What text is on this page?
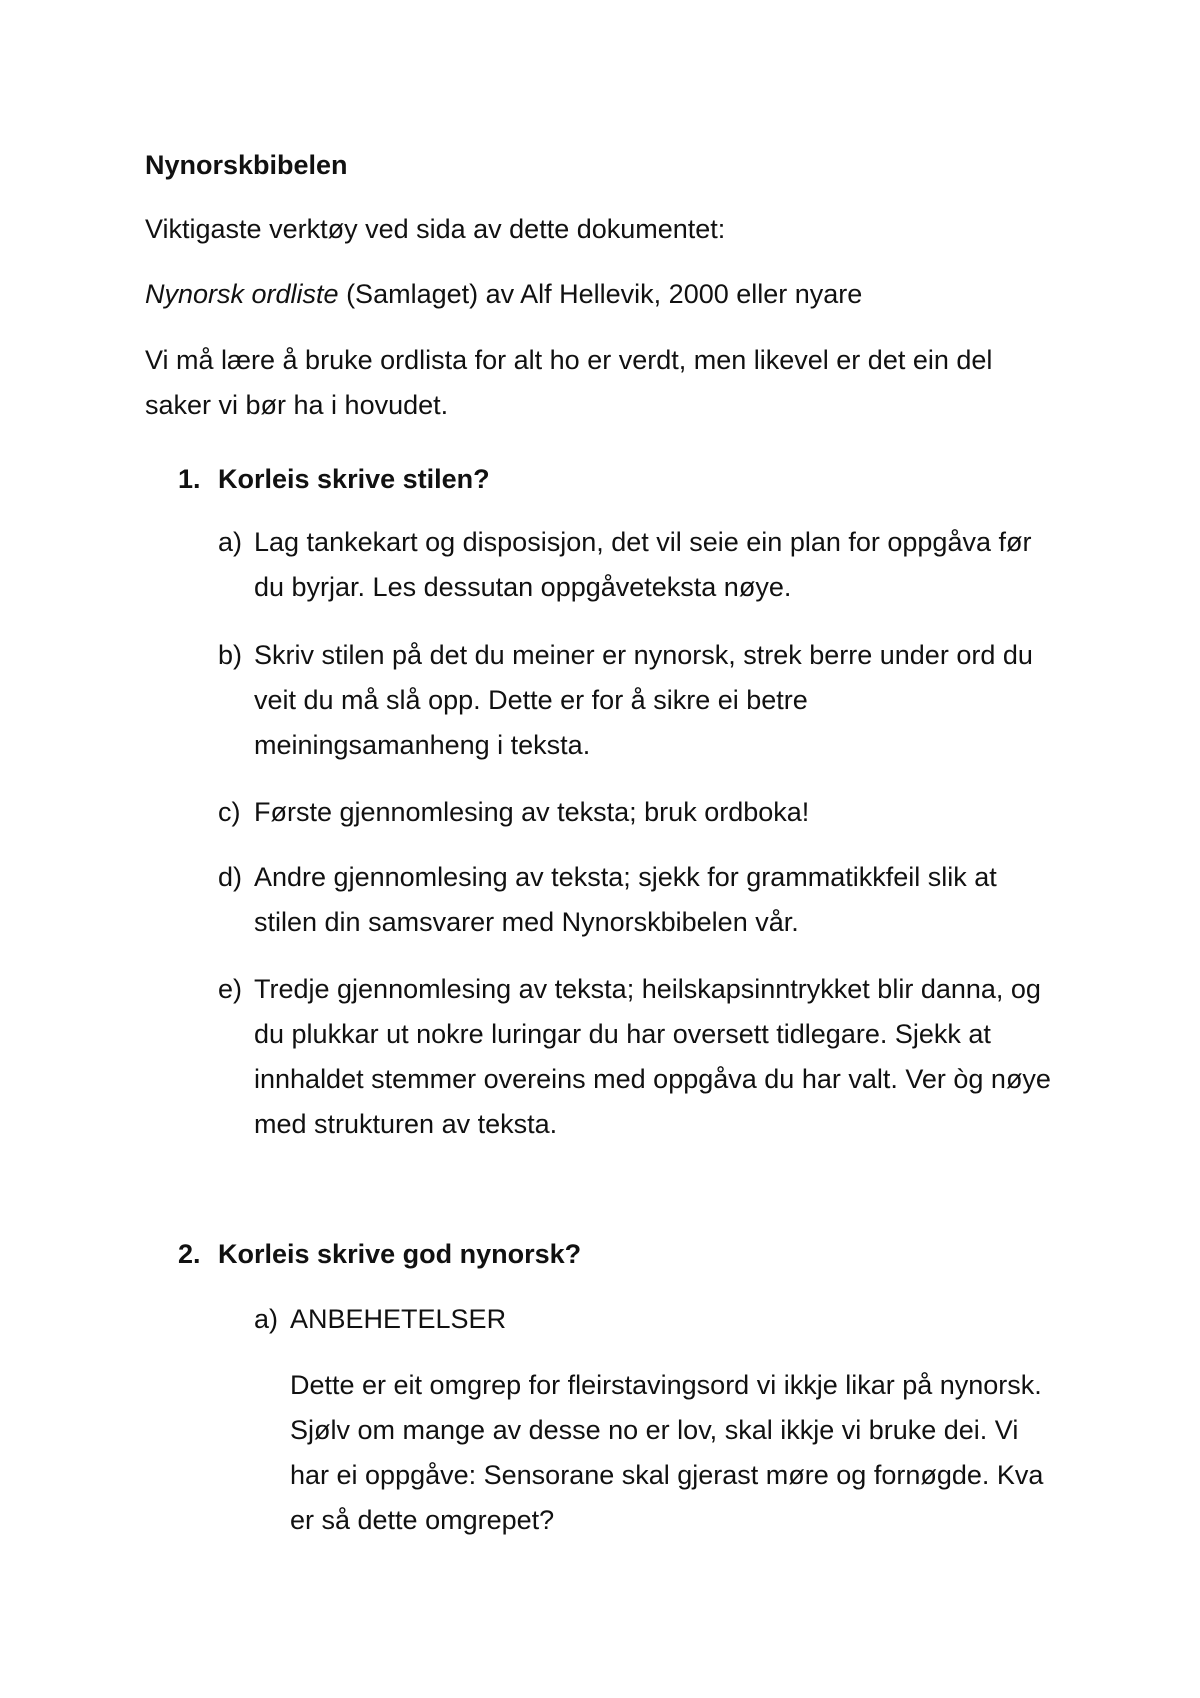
Nynorskbibelen

Viktigaste verktøy ved sida av dette dokumentet:

Nynorsk ordliste (Samlaget) av Alf Hellevik, 2000 eller nyare

Vi må lære å bruke ordlista for alt ho er verdt, men likevel er det ein del saker vi bør ha i hovudet.

1. Korleis skrive stilen?

a) Lag tankekart og disposisjon, det vil seie ein plan for oppgåva før du byrjar. Les dessutan oppgåveteksta nøye.

b) Skriv stilen på det du meiner er nynorsk, strek berre under ord du veit du må slå opp. Dette er for å sikre ei betre meiningsamanheng i teksta.

c) Første gjennomlesing av teksta; bruk ordboka!

d) Andre gjennomlesing av teksta; sjekk for grammatikkfeil slik at stilen din samsvarer med Nynorskbibelen vår.

e) Tredje gjennomlesing av teksta; heilskapsinntrykket blir danna, og du plukkar ut nokre luringar du har oversett tidlegare. Sjekk at innhaldet stemmer overeins med oppgåva du har valt. Ver òg nøye med strukturen av teksta.

2. Korleis skrive god nynorsk?

a) ANBEHETELSER

Dette er eit omgrep for fleirstavingsord vi ikkje likar på nynorsk. Sjølv om mange av desse no er lov, skal ikkje vi bruke dei. Vi har ei oppgåve: Sensorane skal gjerast møre og fornøgde. Kva er så dette omgrepet?
